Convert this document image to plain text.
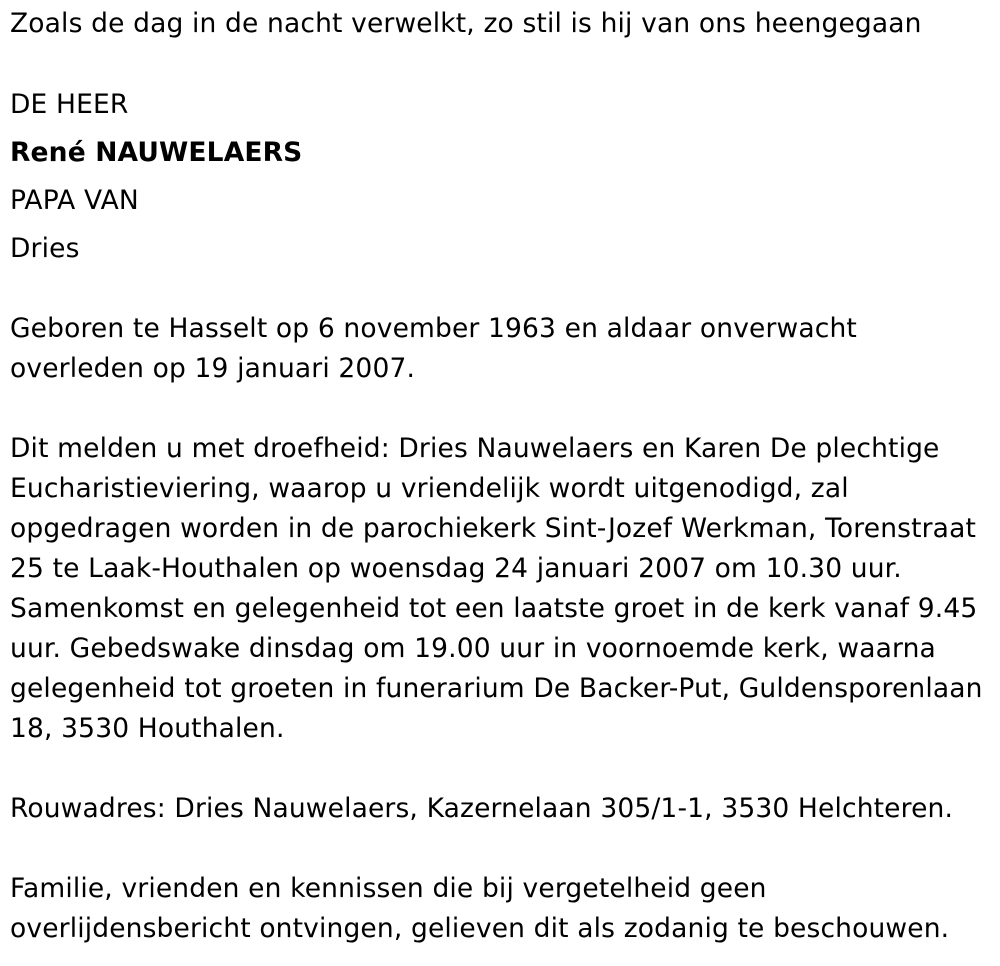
Zoals de dag in de nacht verwelkt, zo stil is hij van ons heengegaan
DE HEER
René NAUWELAERS
PAPA VAN
Dries
Geboren te Hasselt op 6 november 1963 en aldaar onverwacht
overleden op 19 januari 2007.
Dit melden u met droefheid: Dries Nauwelaers en Karen De plechtige
Eucharistieviering, waarop u vriendelijk wordt uitgenodigd, zal
opgedragen worden in de parochiekerk Sint-Jozef Werkman, Torenstraat
25 te Laak-Houthalen op woensdag 24 januari 2007 om 10.30 uur.
Samenkomst en gelegenheid tot een laatste groet in de kerk vanaf 9.45
uur. Gebedswake dinsdag om 19.00 uur in voornoemde kerk, waarna
gelegenheid tot groeten in funerarium De Backer-Put, Guldensporenlaan
18, 3530 Houthalen.
Rouwadres: Dries Nauwelaers, Kazernelaan 305/1-1, 3530 Helchteren.
Familie, vrienden en kennissen die bij vergetelheid geen
overlijdensbericht ontvingen, gelieven dit als zodanig te beschouwen.
